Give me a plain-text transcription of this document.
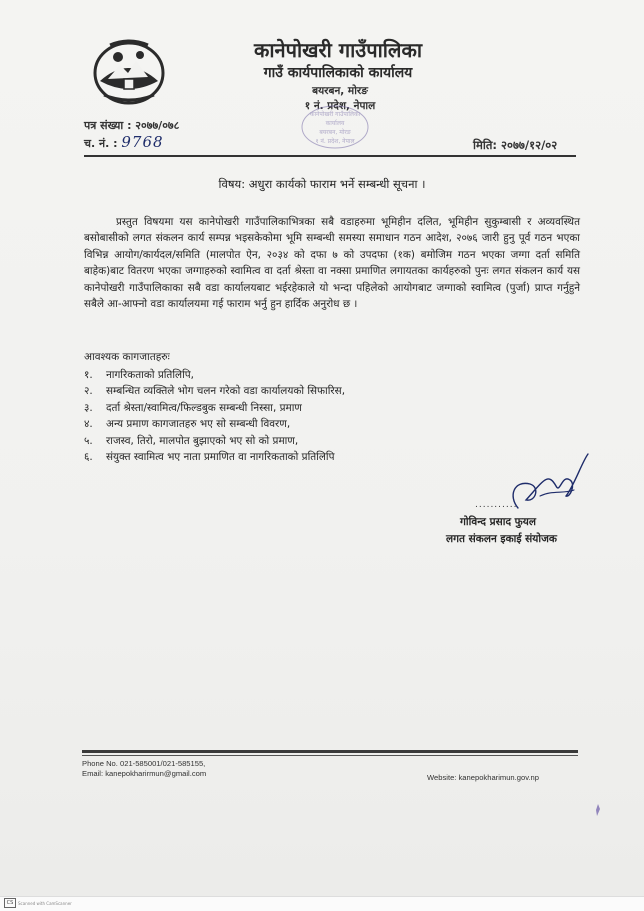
कानेपोखरी गाउँपालिका
गाउँ कार्यपालिकाको कार्यालय
बयरबन, मोरङ
१ नं. प्रदेश, नेपाल
कानेपोखरी गाउँपालिका
कार्यालय
बयरबन, मोरङ
१ नं. प्रदेश, नेपाल
पत्र संख्या : २०७७/०७८
च. नं. : 9768	मिति: २०७७/१२/०२
विषय: अधुरा कार्यको फाराम भर्ने सम्बन्धी सूचना ।
प्रस्तुत विषयमा यस कानेपोखरी गाउँपालिकाभित्रका सबै वडाहरुमा भूमिहीन दलित, भूमिहीन सुकुम्बासी र अव्यवस्थित बसोबासीको लगत संकलन कार्य सम्पन्न भइसकेकोमा भूमि सम्बन्धी समस्या समाधान गठन आदेश, २०७६ जारी हुनु पूर्व गठन भएका विभिन्न आयोग/कार्यदल/समिति (मालपोत ऐन, २०३४ को दफा ७ को उपदफा (१क) बमोजिम गठन भएका जग्गा दर्ता समिति बाहेक)बाट वितरण भएका जग्गाहरुको स्वामित्व वा दर्ता श्रेस्ता वा नक्सा प्रमाणित लगायतका कार्यहरुको पुनः लगत संकलन कार्य यस कानेपोखरी गाउँपालिकाका सबै वडा कार्यालयबाट भईरहेकाले यो भन्दा पहिलेको आयोगबाट जग्गाको स्वामित्व (पुर्जा) प्राप्त गर्नुहुने सबैले आ-आफ्नो वडा कार्यालयमा गई फाराम भर्नु हुन हार्दिक अनुरोध छ ।
आवश्यक कागजातहरुः
१. नागरिकताको प्रतिलिपि,
२. सम्बन्धित व्यक्तिले भोग चलन गरेको वडा कार्यालयको सिफारिस,
३. दर्ता श्रेस्ता/स्वामित्व/फिल्डबुक सम्बन्धी निस्सा, प्रमाण
४. अन्य प्रमाण कागजातहरु भए सो सम्बन्धी विवरण,
५. राजस्व, तिरो, मालपोत बुझाएको भए सो को प्रमाण,
६. संयुक्त स्वामित्व भए नाता प्रमाणित वा नागरिकताको प्रतिलिपि
...........
गोविन्द प्रसाद फुयल
लगत संकलन इकाई संयोजक
Phone No. 021-585001/021-585155,
Email: kanepokharirmun@gmail.com	Website: kanepokharimun.gov.np
CS	Scanned with CamScanner
